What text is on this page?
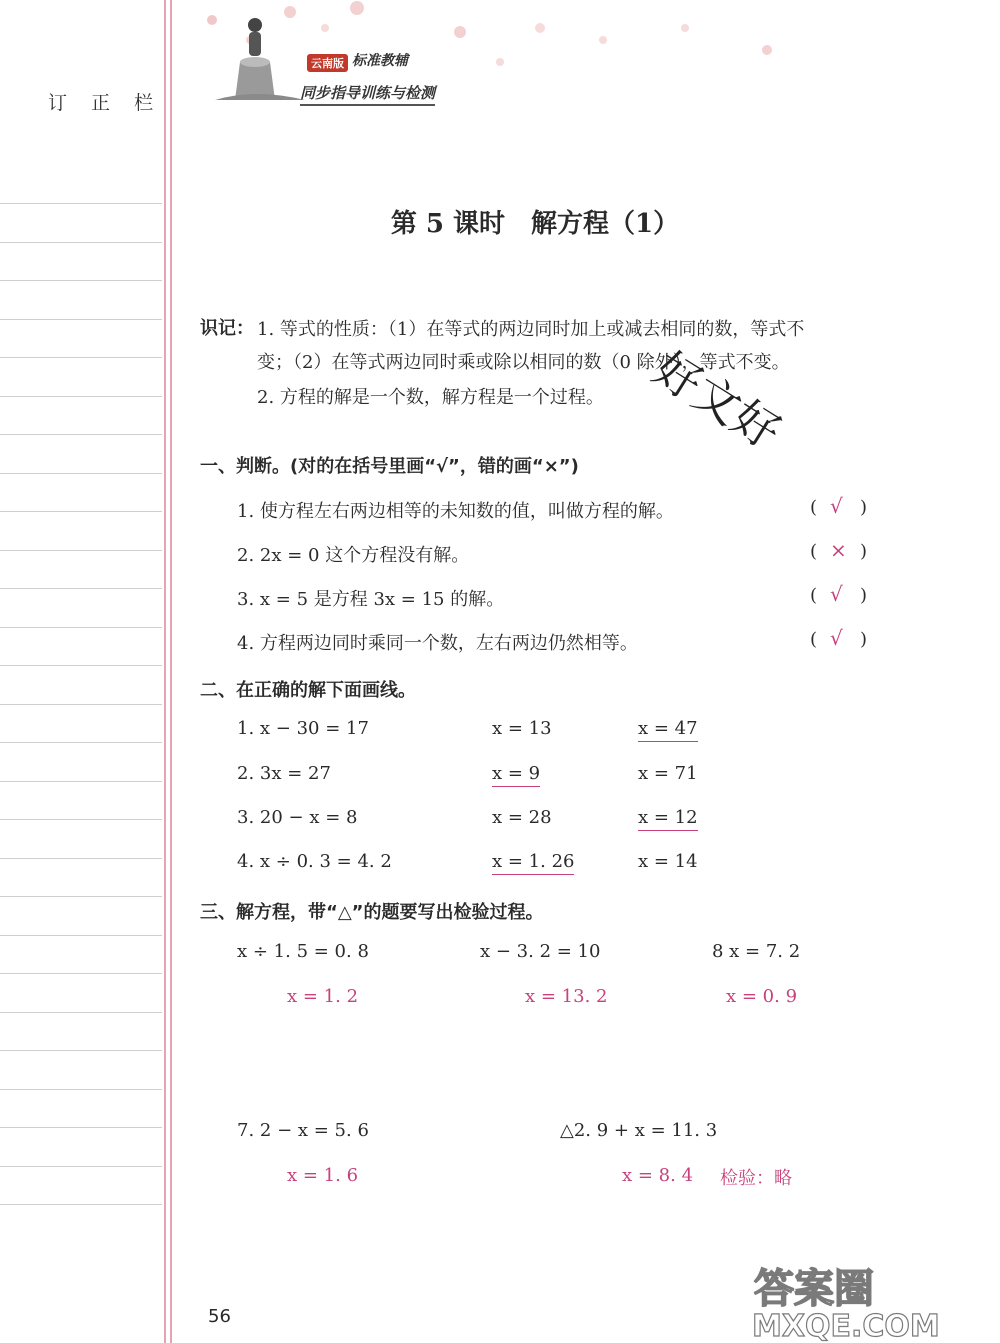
订 正 栏
云南版 标准教辅
同步指导训练与检测
第 5 课时　解方程（1）
识记： 1. 等式的性质：（1）在等式的两边同时加上或减去相同的数，等式不
变；（2）在等式两边同时乘或除以相同的数（0 除外），等式不变。
2. 方程的解是一个数，解方程是一个过程。 好文好
一、判断。(对的在括号里画“√”，错的画“×”)
1. 使方程左右两边相等的未知数的值，叫做方程的解。	( √ )
2. 2x = 0 这个方程没有解。	( × )
3. x = 5 是方程 3x = 15 的解。	( √ )
4. 方程两边同时乘同一个数，左右两边仍然相等。	( √ )
二、在正确的解下面画线。
1. x − 30 = 17	x = 13	x = 47
2. 3x = 27	x = 9	x = 71
3. 20 − x = 8	x = 28	x = 12
4. x ÷ 0. 3 = 4. 2	x = 1. 26	x = 14
三、解方程，带“△”的题要写出检验过程。
x ÷ 1. 5 = 0. 8
x = 1. 2
x − 3. 2 = 10
x = 13. 2
8 x = 7. 2
x = 0. 9
7. 2 − x = 5. 6
x = 1. 6
△2. 9 + x = 11. 3
x = 8. 4 检验：略
56
答案圈
MXQE.COM
